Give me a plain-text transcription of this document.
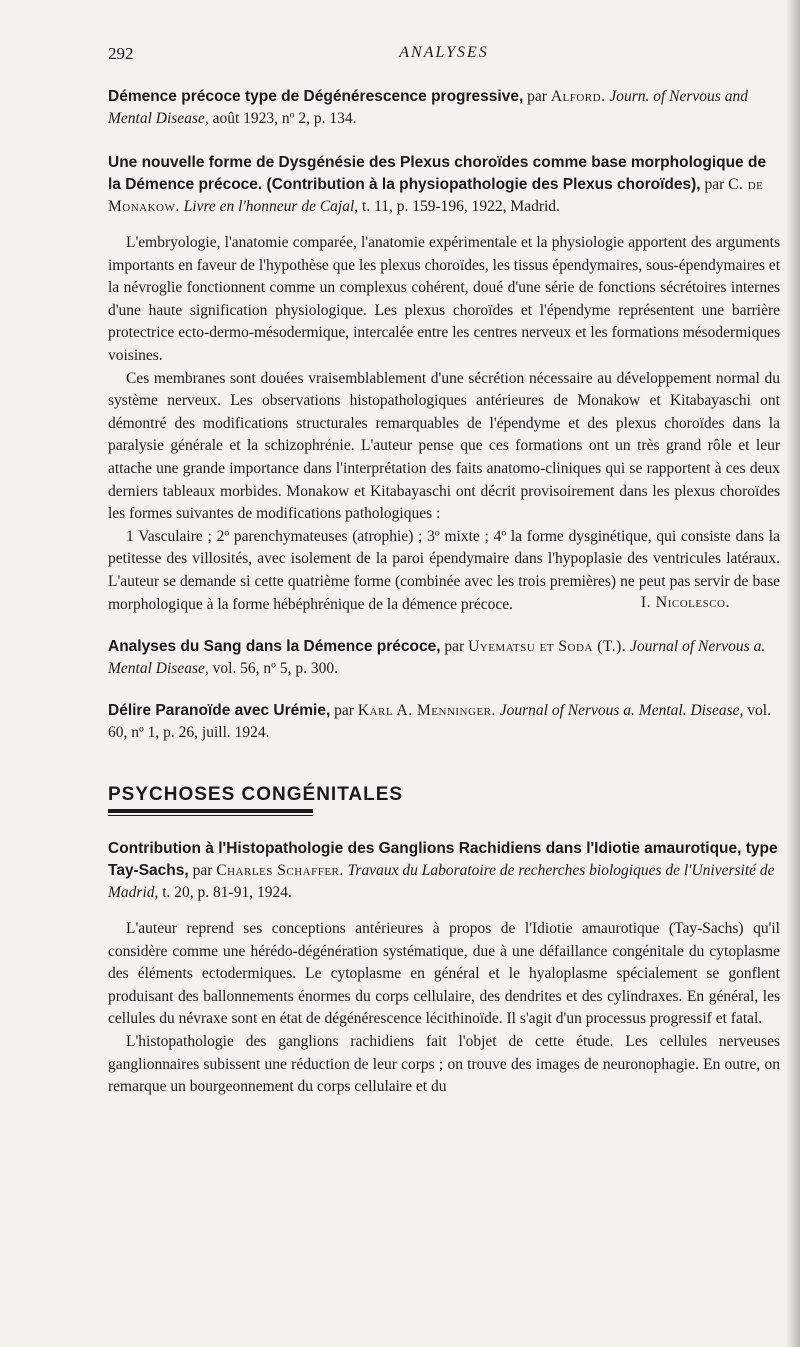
292	ANALYSES
Démence précoce type de Dégénérescence progressive, par Alford. Journ. of Nervous and Mental Disease, août 1923, nº 2, p. 134.
Une nouvelle forme de Dysgénésie des Plexus choroïdes comme base morphologique de la Démence précoce. (Contribution à la physiopathologie des Plexus choroïdes), par C. de Monakow. Livre en l'honneur de Cajal, t. 11, p. 159-196, 1922, Madrid.

L'embryologie, l'anatomie comparée, l'anatomie expérimentale et la physiologie apportent des arguments importants en faveur de l'hypothèse que les plexus choroïdes, les tissus épendymaires, sous-épendymaires et la névroglie fonctionnent comme un complexus cohérent, doué d'une série de fonctions sécrétoires internes d'une haute signification physiologique. Les plexus choroïdes et l'épendyme représentent une barrière protectrice ecto-dermo-mésodermique, intercalée entre les centres nerveux et les formations mésodermiques voisines.

Ces membranes sont douées vraisemblablement d'une sécrétion nécessaire au développement normal du système nerveux. Les observations histopathologiques antérieures de Monakow et Kitabayaschi ont démontré des modifications structurales remarquables de l'épendyme et des plexus choroïdes dans la paralysie générale et la schizophrénie. L'auteur pense que ces formations ont un très grand rôle et leur attache une grande importance dans l'interprétation des faits anatomo-cliniques qui se rapportent à ces deux derniers tableaux morbides. Monakow et Kitabayaschi ont décrit provisoirement dans les plexus choroïdes les formes suivantes de modifications pathologiques :

1 Vasculaire ; 2º parenchymateuses (atrophie) ; 3º mixte ; 4º la forme dysginétique, qui consiste dans la petitesse des villosités, avec isolement de la paroi épendymaire dans l'hypoplasie des ventricules latéraux. L'auteur se demande si cette quatrième forme (combinée avec les trois premières) ne peut pas servir de base morphologique à la forme hébéphrénique de la démence précoce.	I. Nicolesco.
Analyses du Sang dans la Démence précoce, par Uyematsu et Soda (T.). Journal of Nervous a. Mental Disease, vol. 56, nº 5, p. 300.
Délire Paranoïde avec Urémie, par Karl A. Menninger. Journal of Nervous a. Mental. Disease, vol. 60, nº 1, p. 26, juill. 1924.
PSYCHOSES CONGÉNITALES
Contribution à l'Histopathologie des Ganglions Rachidiens dans l'Idiotie amaurotique, type Tay-Sachs, par Charles Schaffer. Travaux du Laboratoire de recherches biologiques de l'Université de Madrid, t. 20, p. 81-91, 1924.

L'auteur reprend ses conceptions antérieures à propos de l'Idiotie amaurotique (Tay-Sachs) qu'il considère comme une hérédo-dégénération systématique, due à une défaillance congénitale du cytoplasme des éléments ectodermiques. Le cytoplasme en général et le hyaloplasme spécialement se gonflent produisant des ballonnements énormes du corps cellulaire, des dendrites et des cylindraxes. En général, les cellules du névraxe sont en état de dégénérescence lécithinoïde. Il s'agit d'un processus progressif et fatal.

L'histopathologie des ganglions rachidiens fait l'objet de cette étude. Les cellules nerveuses ganglionnaires subissent une réduction de leur corps ; on trouve des images de neuronophagie. En outre, on remarque un bourgeonnement du corps cellulaire et du
